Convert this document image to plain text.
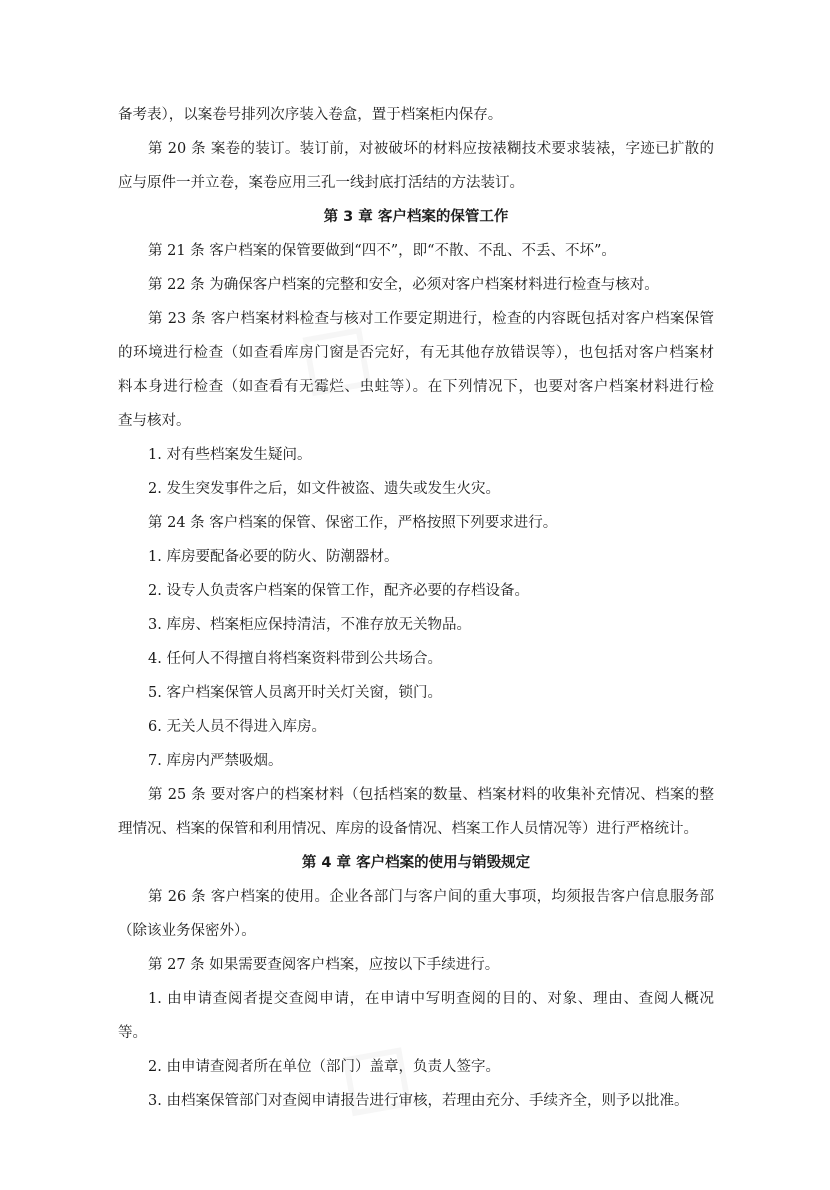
备考表），以案卷号排列次序装入卷盒，置于档案柜内保存。
第 20 条 案卷的装订。装订前，对被破坏的材料应按裱糊技术要求装裱，字迹已扩散的
应与原件一并立卷，案卷应用三孔一线封底打活结的方法装订。
第 3 章 客户档案的保管工作
第 21 条 客户档案的保管要做到“四不”，即“不散、不乱、不丢、不坏”。
第 22 条 为确保客户档案的完整和安全，必须对客户档案材料进行检查与核对。
第 23 条 客户档案材料检查与核对工作要定期进行，检查的内容既包括对客户档案保管
的环境进行检查（如查看库房门窗是否完好，有无其他存放错误等），也包括对客户档案材
料本身进行检查（如查看有无霉烂、虫蛀等）。在下列情况下，也要对客户档案材料进行检
查与核对。
1. 对有些档案发生疑问。
2. 发生突发事件之后，如文件被盗、遗失或发生火灾。
第 24 条 客户档案的保管、保密工作，严格按照下列要求进行。
1. 库房要配备必要的防火、防潮器材。
2. 设专人负责客户档案的保管工作，配齐必要的存档设备。
3. 库房、档案柜应保持清洁，不准存放无关物品。
4. 任何人不得擅自将档案资料带到公共场合。
5. 客户档案保管人员离开时关灯关窗，锁门。
6. 无关人员不得进入库房。
7. 库房内严禁吸烟。
第 25 条 要对客户的档案材料（包括档案的数量、档案材料的收集补充情况、档案的整
理情况、档案的保管和利用情况、库房的设备情况、档案工作人员情况等）进行严格统计。
第 4 章 客户档案的使用与销毁规定
第 26 条 客户档案的使用。企业各部门与客户间的重大事项，均须报告客户信息服务部
（除该业务保密外）。
第 27 条 如果需要查阅客户档案，应按以下手续进行。
1. 由申请查阅者提交查阅申请，在申请中写明查阅的目的、对象、理由、查阅人概况
等。
2. 由申请查阅者所在单位（部门）盖章，负责人签字。
3. 由档案保管部门对查阅申请报告进行审核，若理由充分、手续齐全，则予以批准。
